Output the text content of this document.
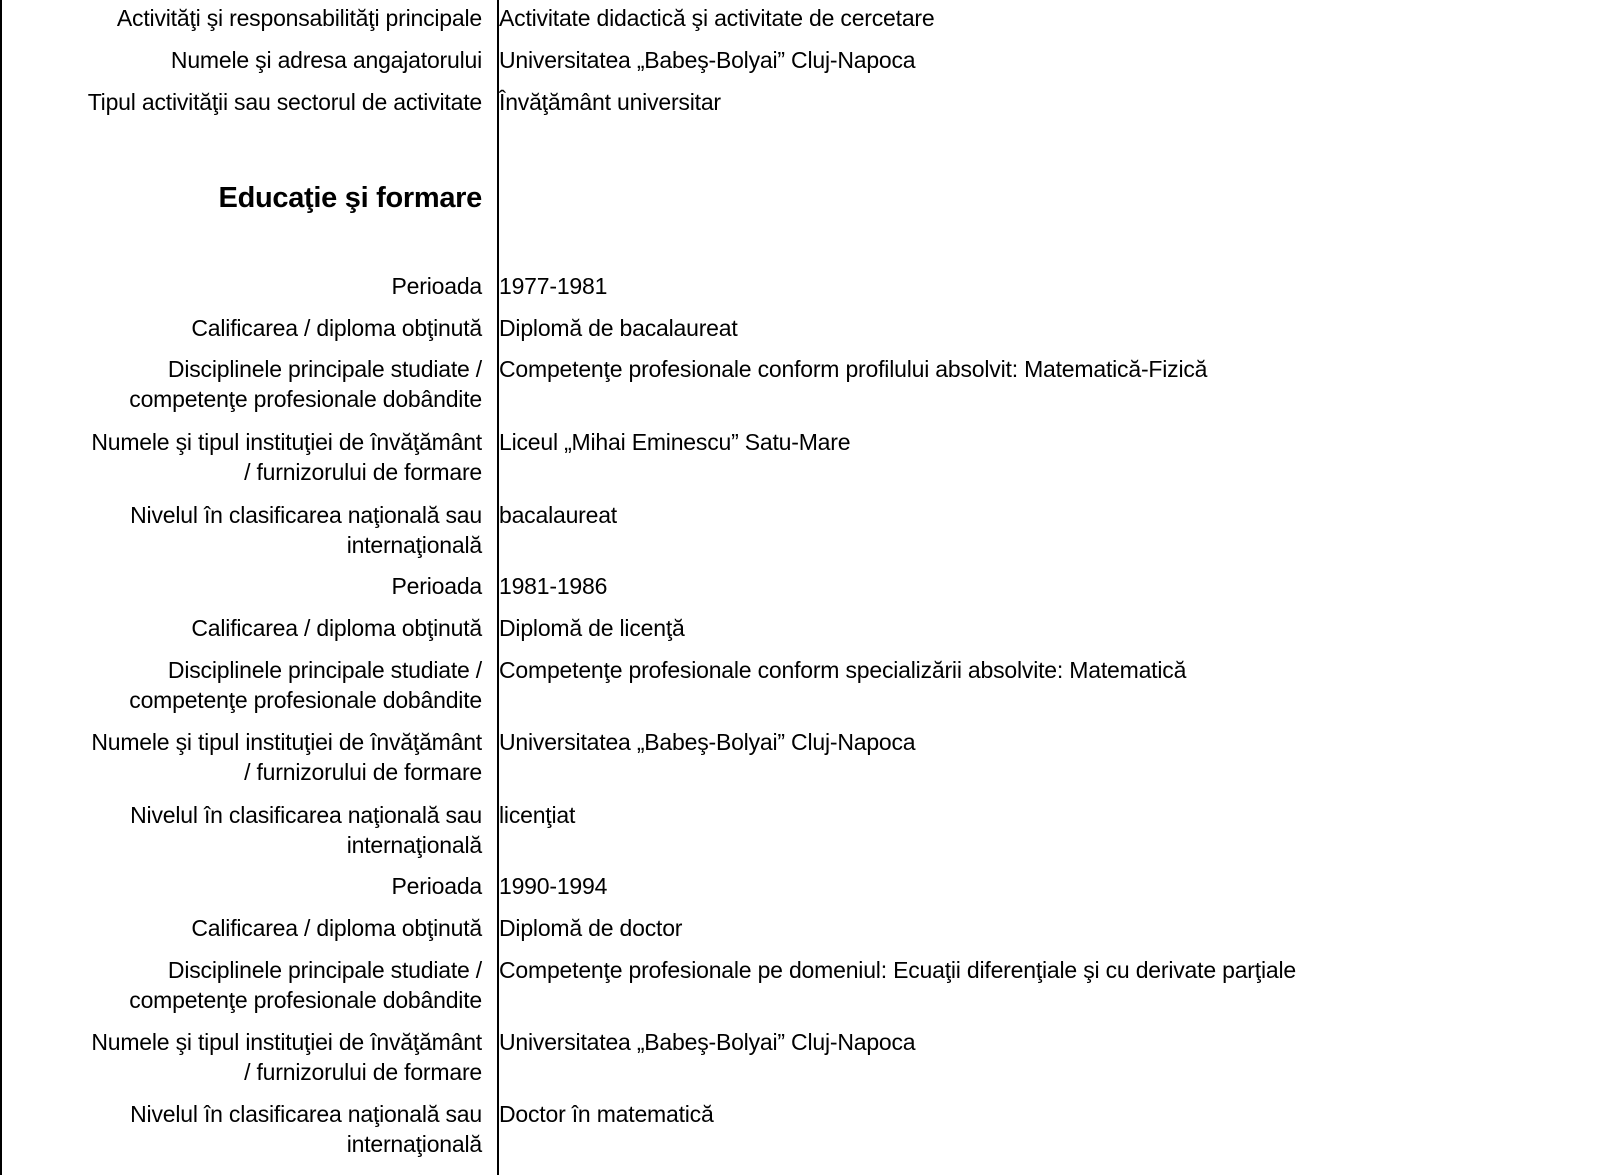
Activităţi şi responsabilităţi principale Activitate didactică şi activitate de cercetare
Numele şi adresa angajatorului Universitatea „Babeş-Bolyai” Cluj-Napoca
Tipul activităţii sau sectorul de activitate Învăţământ universitar
Educaţie şi formare
Perioada 1977-1981
Calificarea / diploma obţinută Diplomă de bacalaureat
Disciplinele principale studiate /
competenţe profesionale dobândite
Competenţe profesionale conform profilului absolvit: Matematică-Fizică
Numele şi tipul instituţiei de învăţământ
/ furnizorului de formare
Liceul „Mihai Eminescu” Satu-Mare
Nivelul în clasificarea naţională sau
internaţională
bacalaureat
Perioada 1981-1986
Calificarea / diploma obţinută Diplomă de licenţă
Disciplinele principale studiate /
competenţe profesionale dobândite
Competenţe profesionale conform specializării absolvite: Matematică
Numele şi tipul instituţiei de învăţământ
/ furnizorului de formare
Universitatea „Babeş-Bolyai” Cluj-Napoca
Nivelul în clasificarea naţională sau
internaţională
licenţiat
Perioada 1990-1994
Calificarea / diploma obţinută Diplomă de doctor
Disciplinele principale studiate /
competenţe profesionale dobândite
Competenţe profesionale pe domeniul: Ecuaţii diferenţiale şi cu derivate parţiale
Numele şi tipul instituţiei de învăţământ
/ furnizorului de formare
Universitatea „Babeş-Bolyai” Cluj-Napoca
Nivelul în clasificarea naţională sau
internaţională
Doctor în matematică
